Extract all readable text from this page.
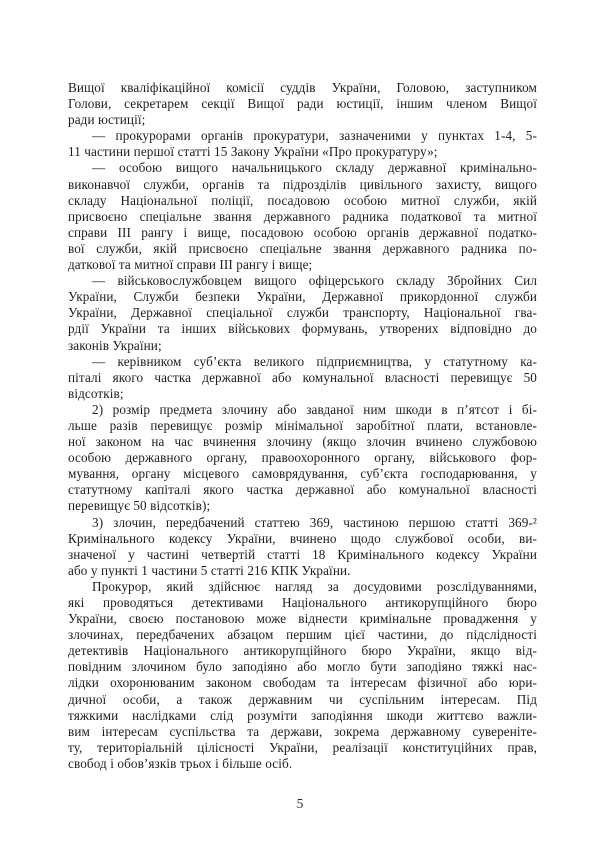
Вищої кваліфікаційної комісії суддів України, Головою, заступником
Голови, секретарем секції Вищої ради юстиції, іншим членом Вищої
ради юстиції;
— прокурорами органів прокуратури, зазначеними у пунктах 1-4, 5-
11 частини першої статті 15 Закону України «Про прокуратуру»;
— особою вищого начальницького складу державної кримінально-
виконавчої служби, органів та підрозділів цивільного захисту, вищого
складу Національної поліції, посадовою особою митної служби, якій
присвоєно спеціальне звання державного радника податкової та митної
справи III рангу і вище, посадовою особою органів державної податко-
вої служби, якій присвоєно спеціальне звання державного радника по-
даткової та митної справи III рангу і вище;
— військовослужбовцем вищого офіцерського складу Збройних Сил
України, Служби безпеки України, Державної прикордонної служби
України, Державної спеціальної служби транспорту, Національної гва-
рдії України та інших військових формувань, утворених відповідно до
законів України;
— керівником суб’єкта великого підприємництва, у статутному ка-
піталі якого частка державної або комунальної власності перевищує 50
відсотків;
2) розмір предмета злочину або завданої ним шкоди в п’ятсот і бі-
льше разів перевищує розмір мінімальної заробітної плати, встановле-
ної законом на час вчинення злочину (якщо злочин вчинено службовою
особою державного органу, правоохоронного органу, військового фор-
мування, органу місцевого самоврядування, суб’єкта господарювання, у
статутному капіталі якого частка державної або комунальної власності
перевищує 50 відсотків);
3) злочин, передбачений статтею 369, частиною першою статті 369-²
Кримінального кодексу України, вчинено щодо службової особи, ви-
значеної у частині четвертій статті 18 Кримінального кодексу України
або у пункті 1 частини 5 статті 216 КПК України.
Прокурор, який здійснює нагляд за досудовими розслідуваннями,
які проводяться детективами Національного антикорупційного бюро
України, своєю постановою може віднести кримінальне провадження у
злочинах, передбачених абзацом першим цієї частини, до підслідності
детективів Національного антикорупційного бюро України, якщо від-
повідним злочином було заподіяно або могло бути заподіяно тяжкі нас-
лідки охоронюваним законом свободам та інтересам фізичної або юри-
дичної особи, а також державним чи суспільним інтересам. Під
тяжкими наслідками слід розуміти заподіяння шкоди життєво важли-
вим інтересам суспільства та держави, зокрема державному сувереніте-
ту, територіальній цілісності України, реалізації конституційних прав,
свобод і обов’язків трьох і більше осіб.
5
